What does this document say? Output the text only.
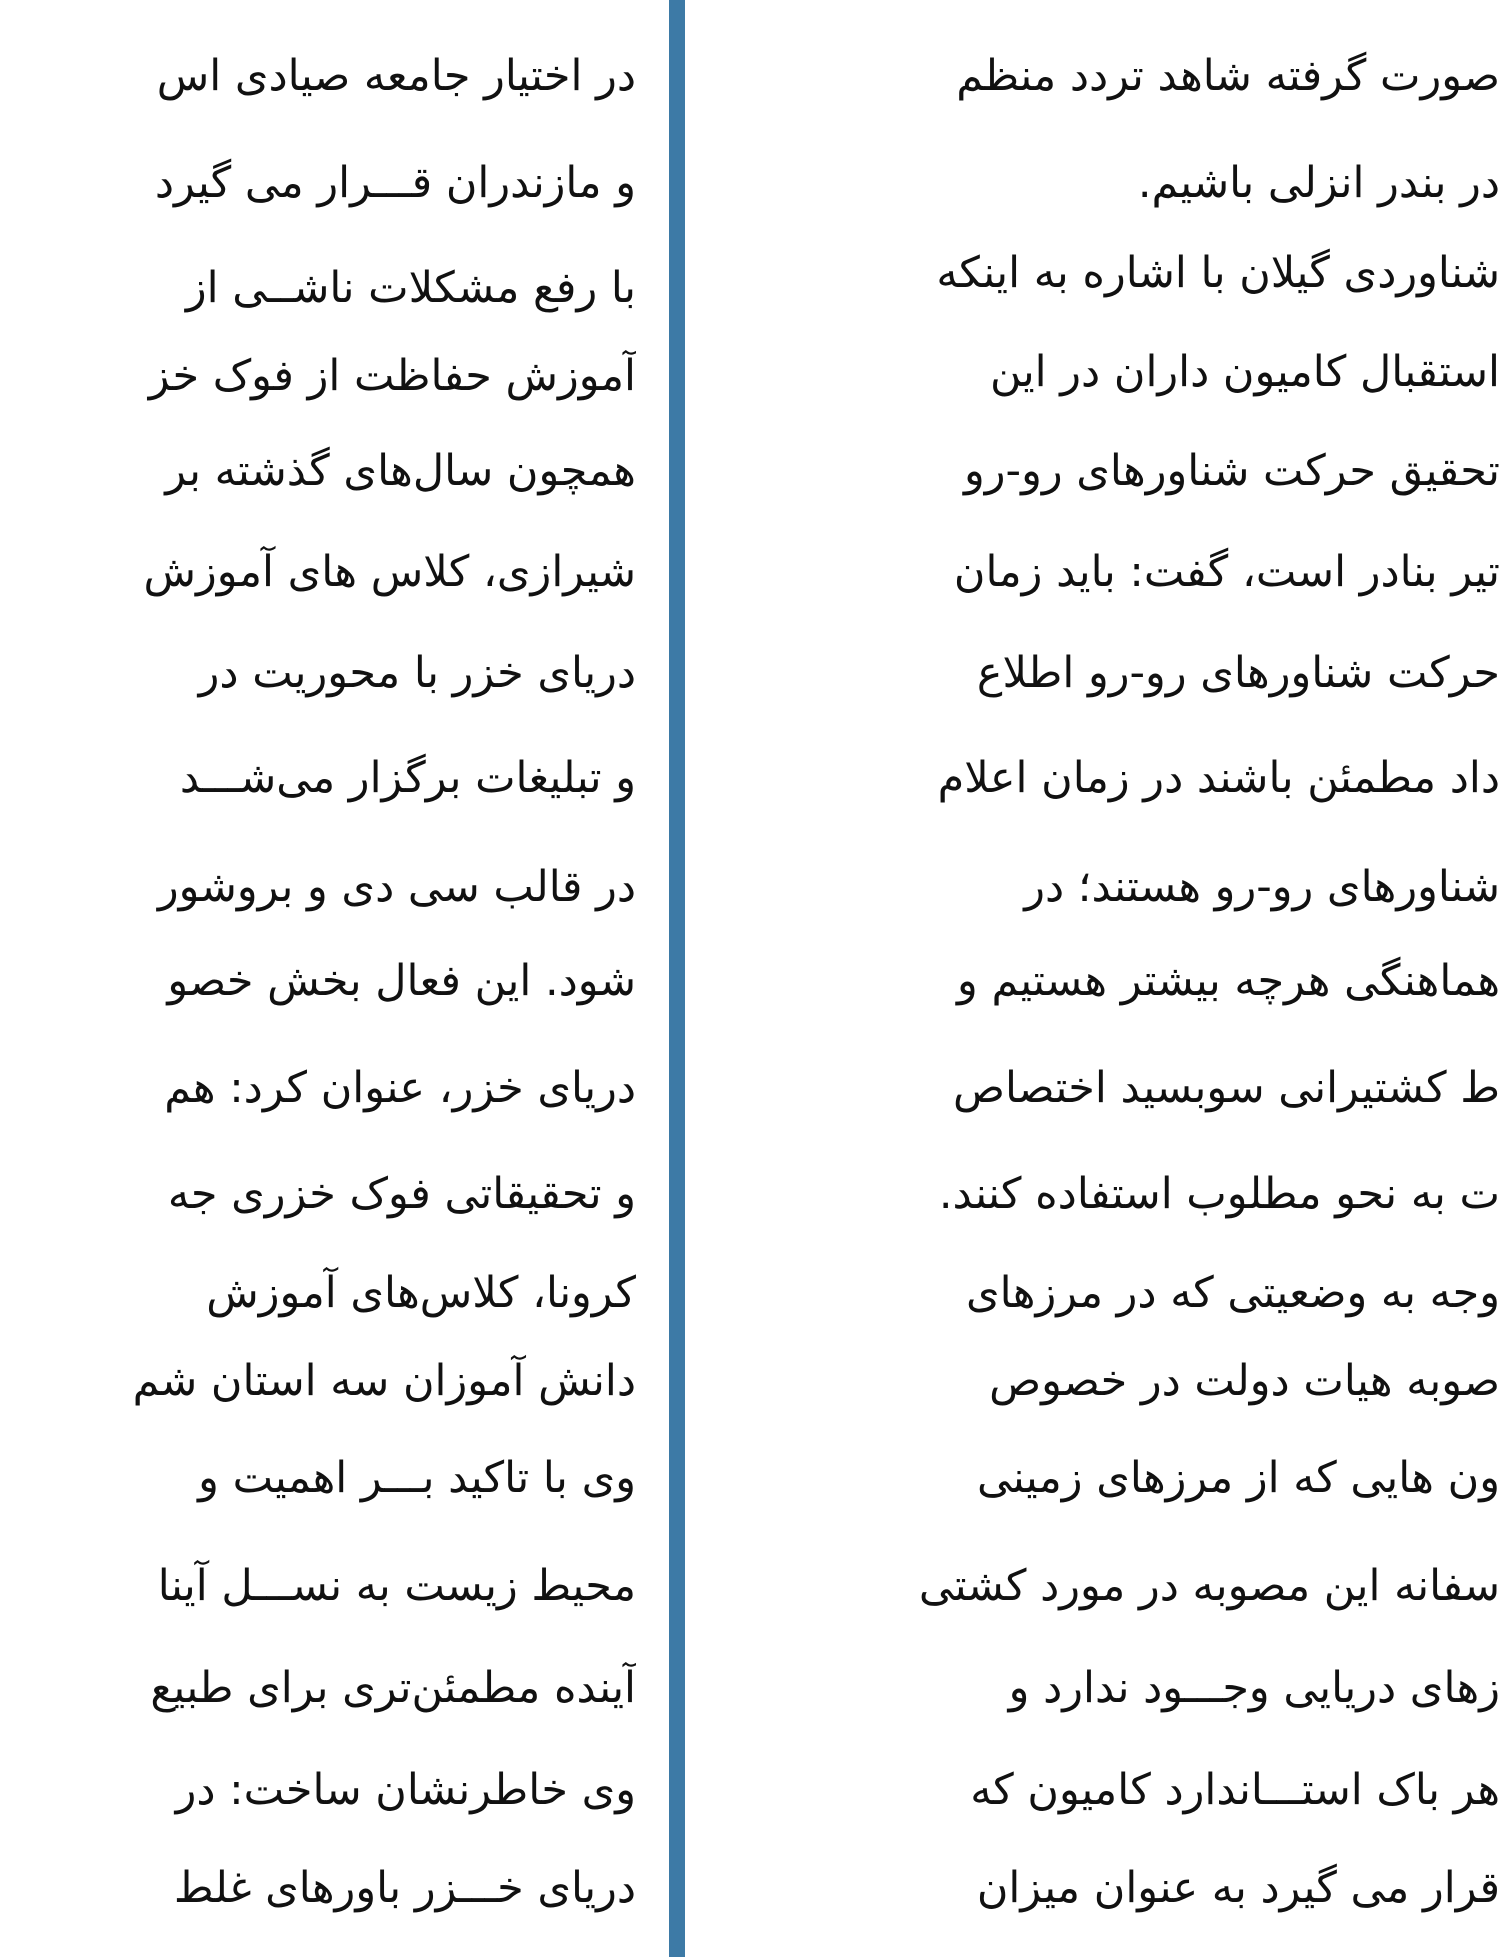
در اختیار جامعه صیادی اس
و مازندران قـــرار می گیرد
با رفع مشکلات ناشــی از
آموزش حفاظت از فوک خز
همچون سال‌های گذشته بر
شیرازی، کلاس های آموزش
دریای خزر با محوریت در
و تبلیغات برگزار می‌شـــد
در قالب سی دی و بروشور
شود. این فعال بخش خصو
دریای خزر، عنوان کرد: هم
و تحقیقاتی فوک خزری جه
کرونا، کلاس‌های آموزش
دانش آموزان سه استان شم
وی با تاکید بـــر اهمیت و
محیط زیست به نســـل آینا
آینده مطمئن‌تری برای طبیع
وی خاطرنشان ساخت: در
دریای خـــزر باورهای غلط
صورت گرفته شاهد تردد منظم
در بندر انزلی باشیم.
شناوردی گیلان با اشاره به اینکه
استقبال کامیون داران در این
تحقیق حرکت شناورهای رو-رو
تیر بنادر است، گفت: باید زمان
حرکت شناورهای رو-رو اطلاع
داد مطمئن باشند در زمان اعلام
شناورهای رو-رو هستند؛ در
هماهنگی هرچه بیشتر هستیم و
ط کشتیرانی سوبسید اختصاص
ت به نحو مطلوب استفاده کنند.
وجه به وضعیتی که در مرزهای
صوبه هیات دولت در خصوص
ون هایی که از مرزهای زمینی
سفانه این مصوبه در مورد کشتی
زهای دریایی وجـــود ندارد و
هر باک استـــاندارد کامیون که
قرار می گیرد به عنوان میزان
